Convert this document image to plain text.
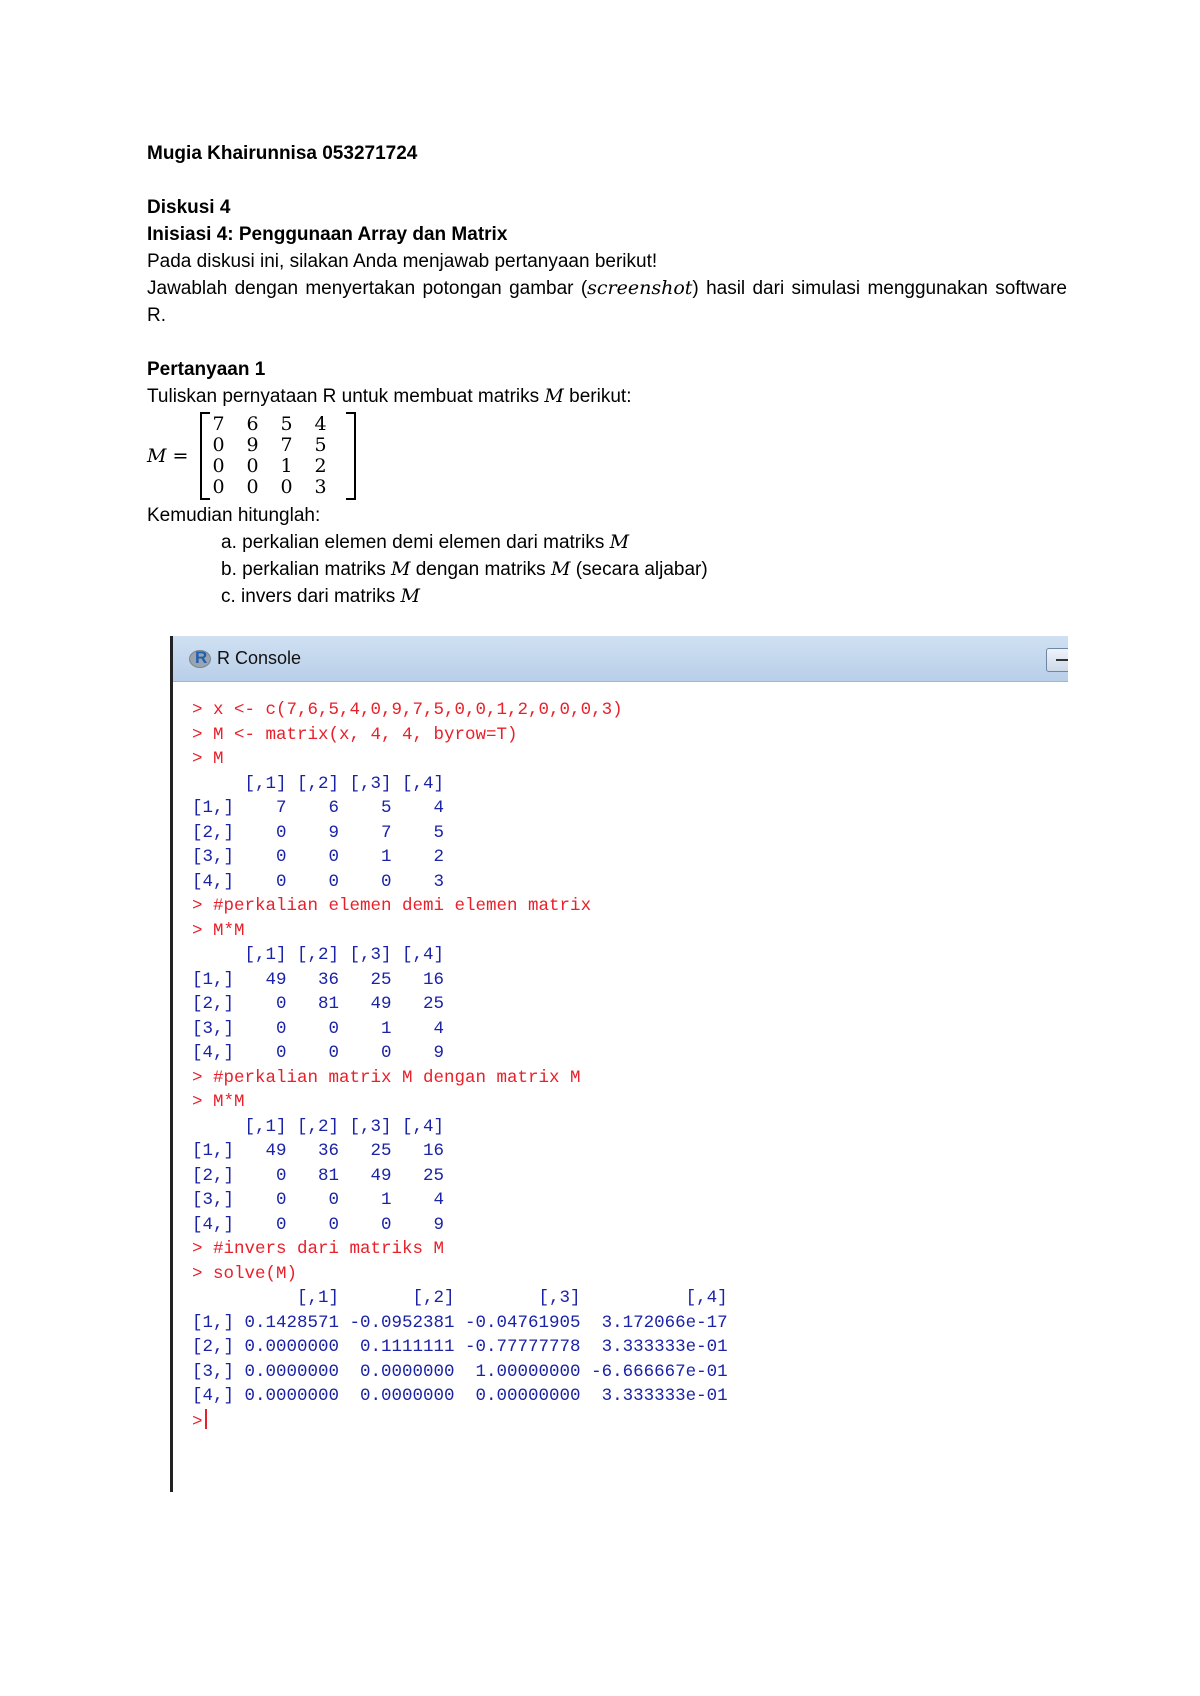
Mugia Khairunnisa 053271724

Diskusi 4

Inisiasi 4: Penggunaan Array dan Matrix

Pada diskusi ini, silakan Anda menjawab pertanyaan berikut!

Jawablah dengan menyertakan potongan gambar (screenshot) hasil dari simulasi menggunakan software R.

Pertanyaan 1

Tuliskan pernyataan R untuk membuat matriks M berikut:

M =
7	6	5	4
0	9	7	5
0	0	1	2
0	0	0	3

Kemudian hitunglah:

a. perkalian elemen demi elemen dari matriks M

b. perkalian matriks M dengan matriks M (secara aljabar)

c. invers dari matriks M

R R Console
> x <- c(7,6,5,4,0,9,7,5,0,0,1,2,0,0,0,3)
> M <- matrix(x, 4, 4, byrow=T)
> M
[,1] [,2] [,3] [,4]
[1,]    7    6    5    4
[2,]    0    9    7    5
[3,]    0    0    1    2
[4,]    0    0    0    3
> #perkalian elemen demi elemen matrix
> M*M
[,1] [,2] [,3] [,4]
[1,]   49   36   25   16
[2,]    0   81   49   25
[3,]    0    0    1    4
[4,]    0    0    0    9
> #perkalian matrix M dengan matrix M
> M*M
[,1] [,2] [,3] [,4]
[1,]   49   36   25   16
[2,]    0   81   49   25
[3,]    0    0    1    4
[4,]    0    0    0    9
> #invers dari matriks M
> solve(M)
[,1]       [,2]        [,3]          [,4]
[1,] 0.1428571 -0.0952381 -0.04761905  3.172066e-17
[2,] 0.0000000  0.1111111 -0.77777778  3.333333e-01
[3,] 0.0000000  0.0000000  1.00000000 -6.666667e-01
[4,] 0.0000000  0.0000000  0.00000000  3.333333e-01
>
